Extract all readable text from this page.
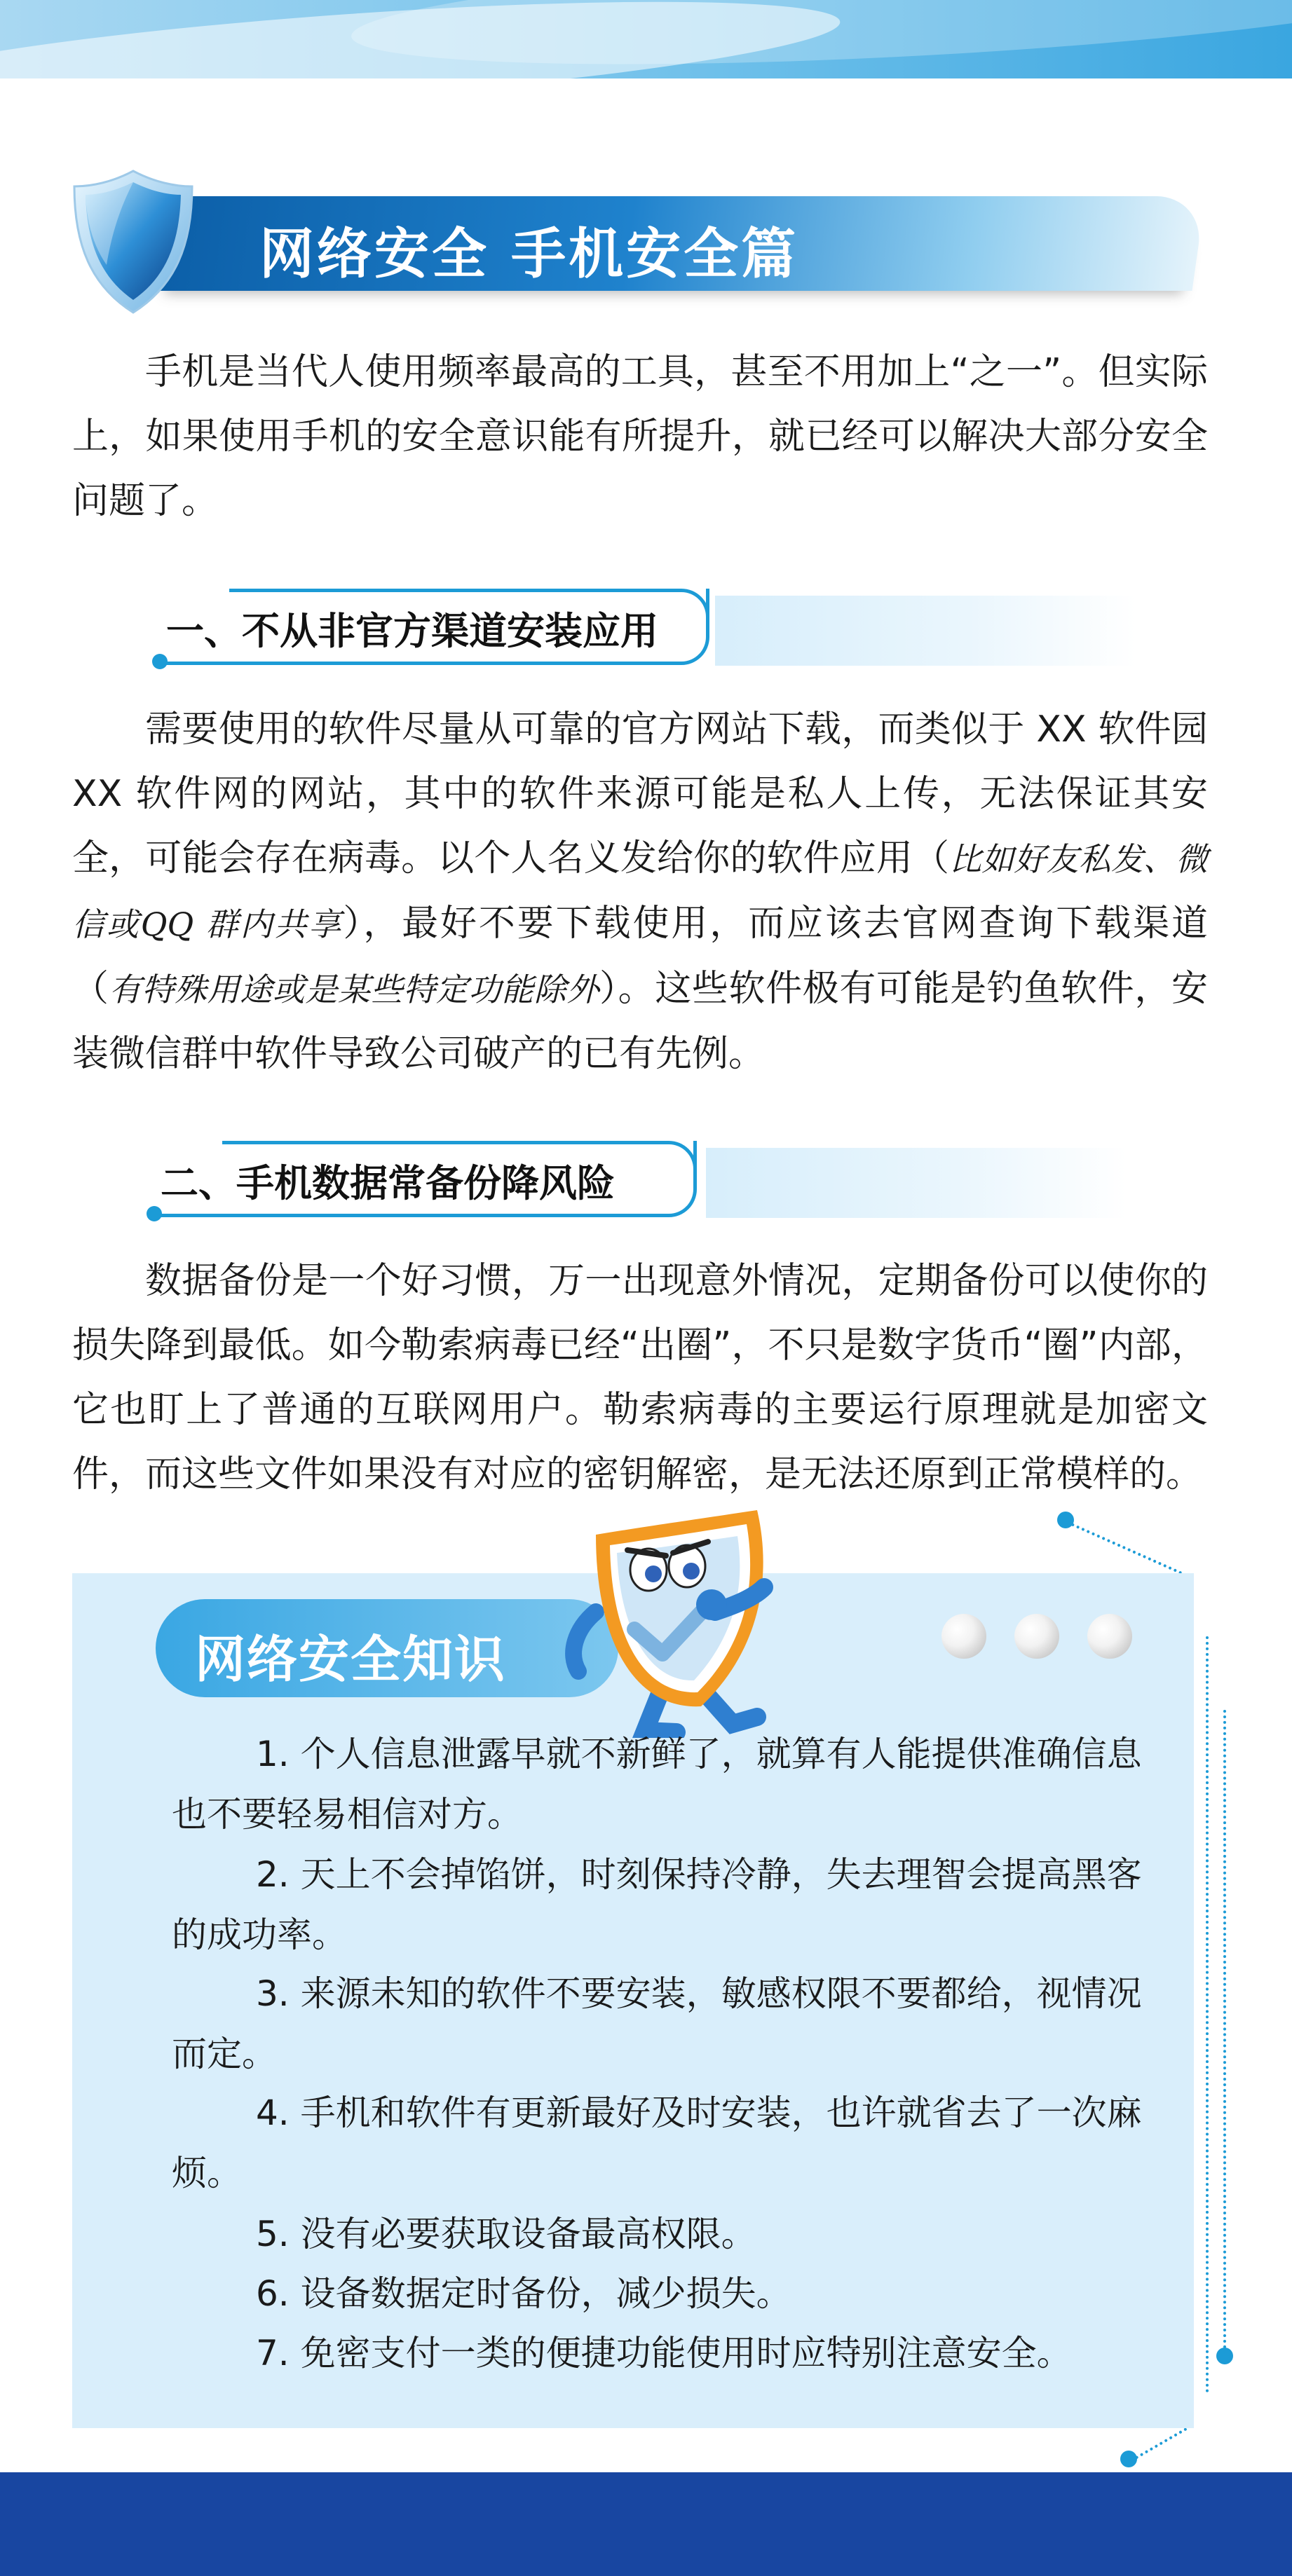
网络安全 手机安全篇
手机是当代人使用频率最高的工具，甚至不用加上“之一”。但实际上，如果使用手机的安全意识能有所提升，就已经可以解决大部分安全问题了。
一、不从非官方渠道安装应用
需要使用的软件尽量从可靠的官方网站下载，而类似于 XX 软件园 XX 软件网的网站，其中的软件来源可能是私人上传，无法保证其安全，可能会存在病毒。以个人名义发给你的软件应用（比如好友私发、微信或QQ 群内共享），最好不要下载使用，而应该去官网查询下载渠道（有特殊用途或是某些特定功能除外）。这些软件极有可能是钓鱼软件，安装微信群中软件导致公司破产的已有先例。
二、手机数据常备份降风险
数据备份是一个好习惯，万一出现意外情况，定期备份可以使你的损失降到最低。如今勒索病毒已经“出圈”，不只是数字货币“圈”内部，它也盯上了普通的互联网用户。勒索病毒的主要运行原理就是加密文件，而这些文件如果没有对应的密钥解密，是无法还原到正常模样的。
网络安全知识
1. 个人信息泄露早就不新鲜了，就算有人能提供准确信息也不要轻易相信对方。
2. 天上不会掉馅饼，时刻保持冷静，失去理智会提高黑客的成功率。
3. 来源未知的软件不要安装，敏感权限不要都给，视情况而定。
4. 手机和软件有更新最好及时安装，也许就省去了一次麻烦。
5. 没有必要获取设备最高权限。
6. 设备数据定时备份，减少损失。
7. 免密支付一类的便捷功能使用时应特别注意安全。
